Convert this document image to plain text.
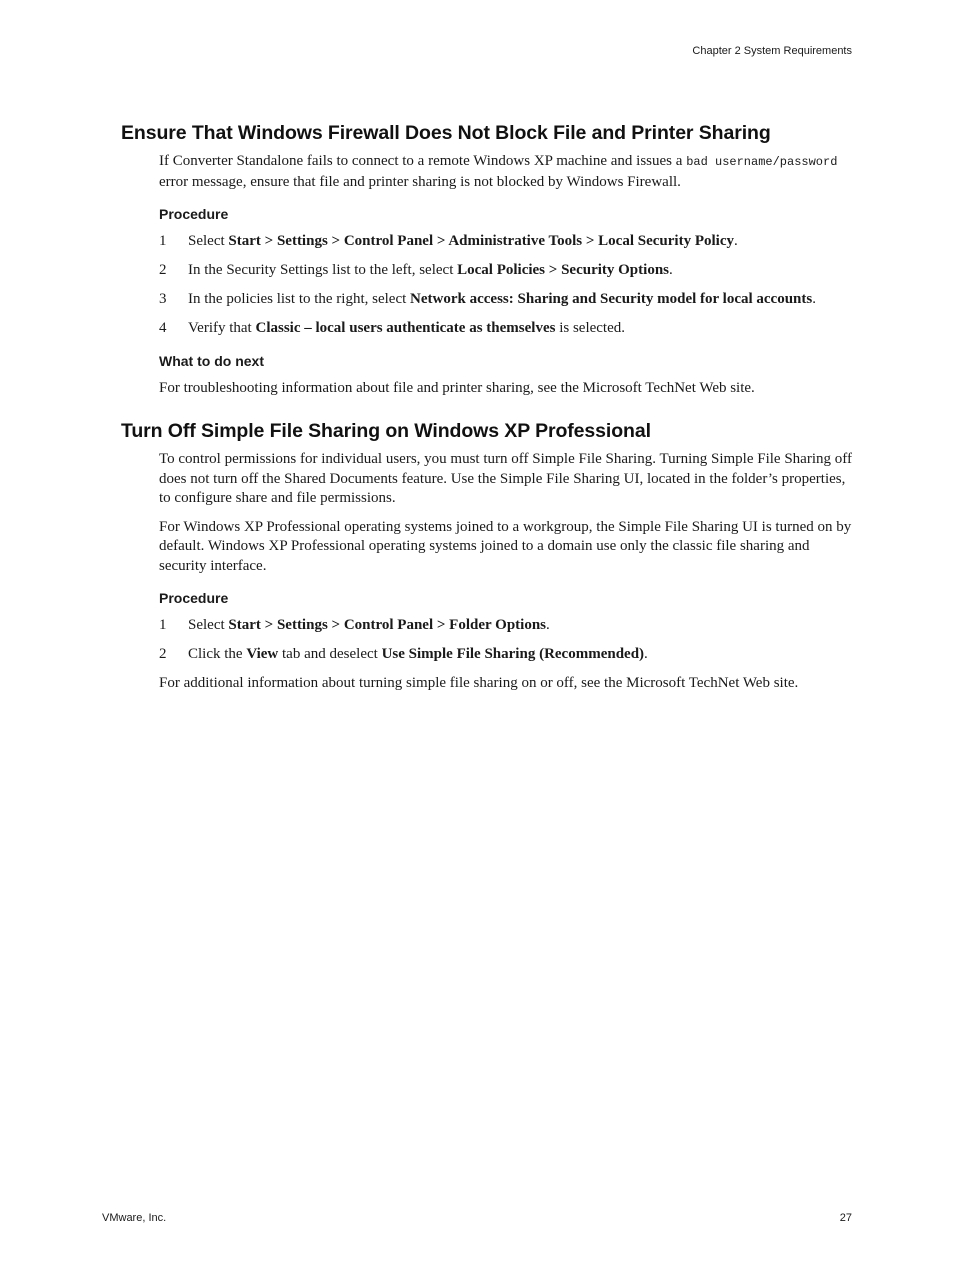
Chapter 2 System Requirements
Ensure That Windows Firewall Does Not Block File and Printer Sharing

If Converter Standalone fails to connect to a remote Windows XP machine and issues a bad username/password error message, ensure that file and printer sharing is not blocked by Windows Firewall.

Procedure
1	Select Start > Settings > Control Panel > Administrative Tools > Local Security Policy.
2	In the Security Settings list to the left, select Local Policies > Security Options.
3	In the policies list to the right, select Network access: Sharing and Security model for local accounts.
4	Verify that Classic – local users authenticate as themselves is selected.
What to do next

For troubleshooting information about file and printer sharing, see the Microsoft TechNet Web site.

Turn Off Simple File Sharing on Windows XP Professional

To control permissions for individual users, you must turn off Simple File Sharing. Turning Simple File Sharing off does not turn off the Shared Documents feature. Use the Simple File Sharing UI, located in the folder’s properties, to configure share and file permissions.

For Windows XP Professional operating systems joined to a workgroup, the Simple File Sharing UI is turned on by default. Windows XP Professional operating systems joined to a domain use only the classic file sharing and security interface.

Procedure
1	Select Start > Settings > Control Panel > Folder Options.
2	Click the View tab and deselect Use Simple File Sharing (Recommended).

For additional information about turning simple file sharing on or off, see the Microsoft TechNet Web site.

VMware, Inc.	27
